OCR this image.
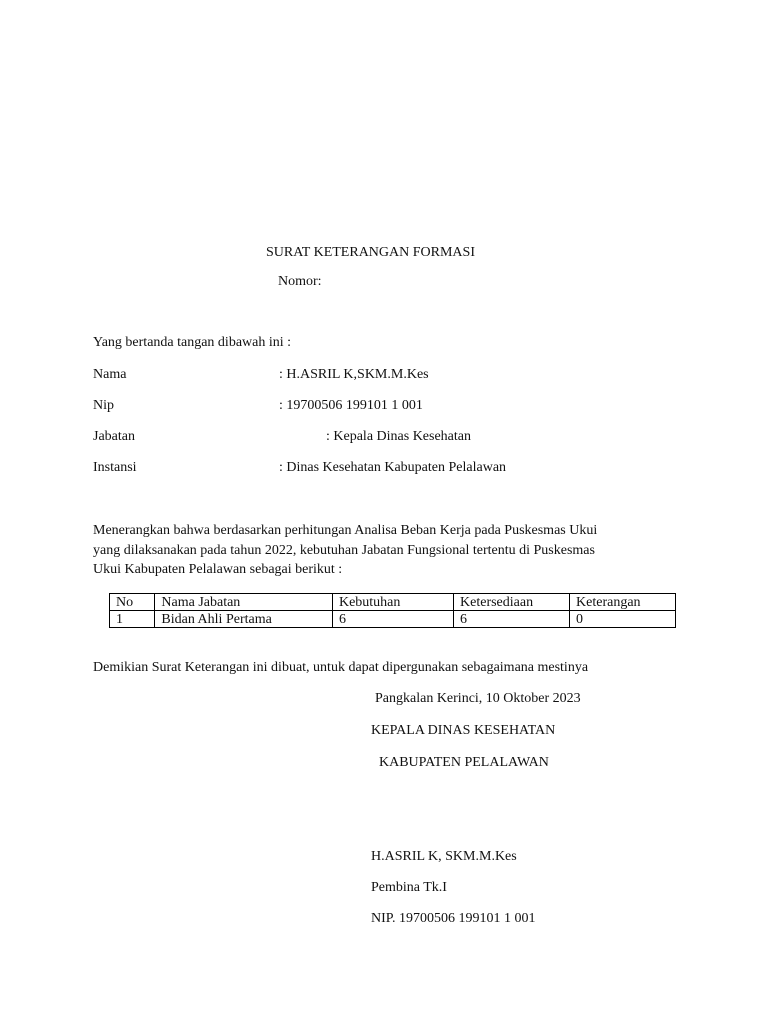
SURAT KETERANGAN FORMASI
Nomor:
Yang bertanda tangan dibawah ini :
Nama	: H.ASRIL K,SKM.M.Kes
Nip	: 19700506 199101 1 001
Jabatan	: Kepala Dinas Kesehatan
Instansi	: Dinas Kesehatan Kabupaten Pelalawan
Menerangkan bahwa berdasarkan perhitungan Analisa Beban Kerja pada Puskesmas Ukui
yang dilaksanakan pada tahun 2022, kebutuhan Jabatan Fungsional tertentu di Puskesmas
Ukui Kabupaten Pelalawan sebagai berikut :
No	Nama Jabatan	Kebutuhan	Ketersediaan	Keterangan
1	Bidan Ahli Pertama	6	6	0
Demikian Surat Keterangan ini dibuat, untuk dapat dipergunakan sebagaimana mestinya
Pangkalan Kerinci, 10 Oktober 2023
KEPALA DINAS KESEHATAN
KABUPATEN PELALAWAN
H.ASRIL K, SKM.M.Kes
Pembina Tk.I
NIP. 19700506 199101 1 001
